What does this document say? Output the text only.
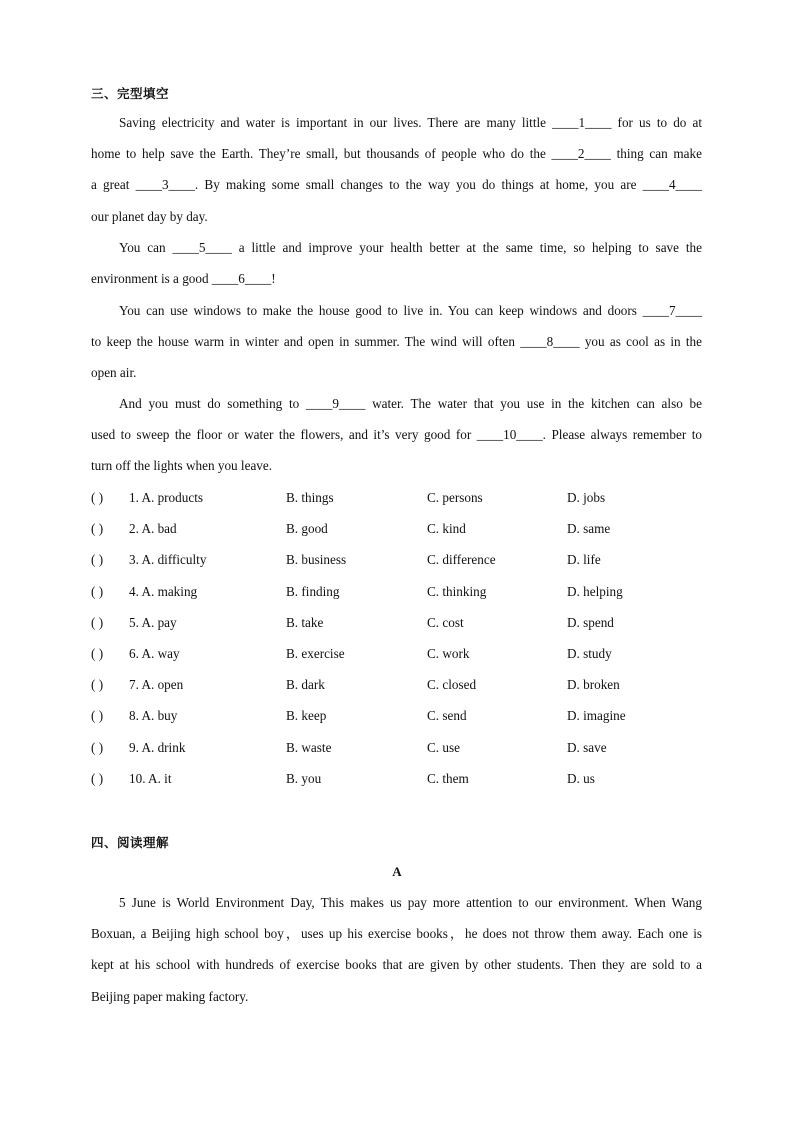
三、完型填空
Saving electricity and water is important in our lives. There are many little ____1____ for us to do at
home to help save the Earth. They’re small, but thousands of people who do the ____2____ thing can make
a great ____3____. By making some small changes to the way you do things at home, you are ____4____
our planet day by day.
You can ____5____ a little and improve your health better at the same time, so helping to save the
environment is a good ____6____!
You can use windows to make the house good to live in. You can keep windows and doors ____7____
to keep the house warm in winter and open in summer. The wind will often ____8____ you as cool as in the
open air.
And you must do something to ____9____ water. The water that you use in the kitchen can also be
used to sweep the floor or water the flowers, and it’s very good for ____10____. Please always remember to
turn off the lights when you leave.
( ) 1. A. products	B. things	C. persons	D. jobs
( ) 2. A. bad	B. good	C. kind	D. same
( ) 3. A. difficulty	B. business	C. difference	D. life
( ) 4. A. making	B. finding	C. thinking	D. helping
( ) 5. A. pay	B. take	C. cost	D. spend
( ) 6. A. way	B. exercise	C. work	D. study
( ) 7. A. open	B. dark	C. closed	D. broken
( ) 8. A. buy	B. keep	C. send	D. imagine
( ) 9. A. drink	B. waste	C. use	D. save
( ) 10. A. it	B. you	C. them	D. us
四、阅读理解
A
5 June is World Environment Day, This makes us pay more attention to our environment. When Wang
Boxuan, a Beijing high school boy，uses up his exercise books，he does not throw them away. Each one is
kept at his school with hundreds of exercise books that are given by other students. Then they are sold to a
Beijing paper making factory.
